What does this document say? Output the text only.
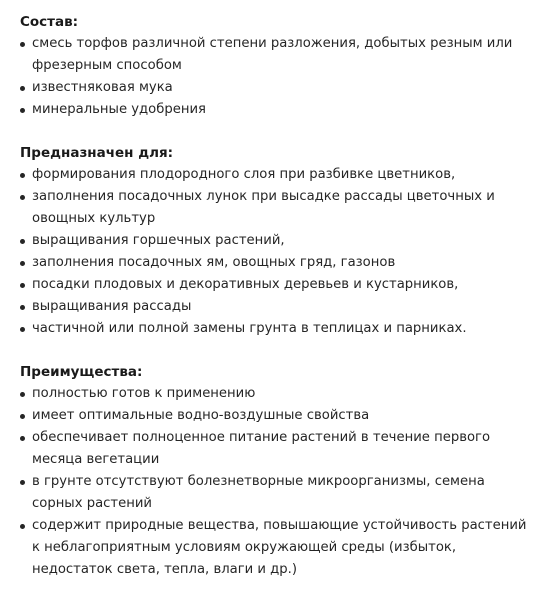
Состав:
смесь торфов различной степени разложения, добытых резным или фрезерным способом
известняковая мука
минеральные удобрения
Предназначен для:
формирования плодородного слоя при разбивке цветников,
заполнения посадочных лунок при высадке рассады цветочных и овощных культур
выращивания горшечных растений,
заполнения посадочных ям, овощных гряд, газонов
посадки плодовых и декоративных деревьев и кустарников,
выращивания рассады
частичной или полной замены грунта в теплицах и парниках.
Преимущества:
полностью готов к применению
имеет оптимальные водно-воздушные свойства
обеспечивает полноценное питание растений в течение первого месяца вегетации
в грунте отсутствуют болезнетворные микроорганизмы, семена сорных растений
содержит природные вещества, повышающие устойчивость растений к неблагоприятным условиям окружающей среды (избыток, недостаток света, тепла, влаги и др.)
